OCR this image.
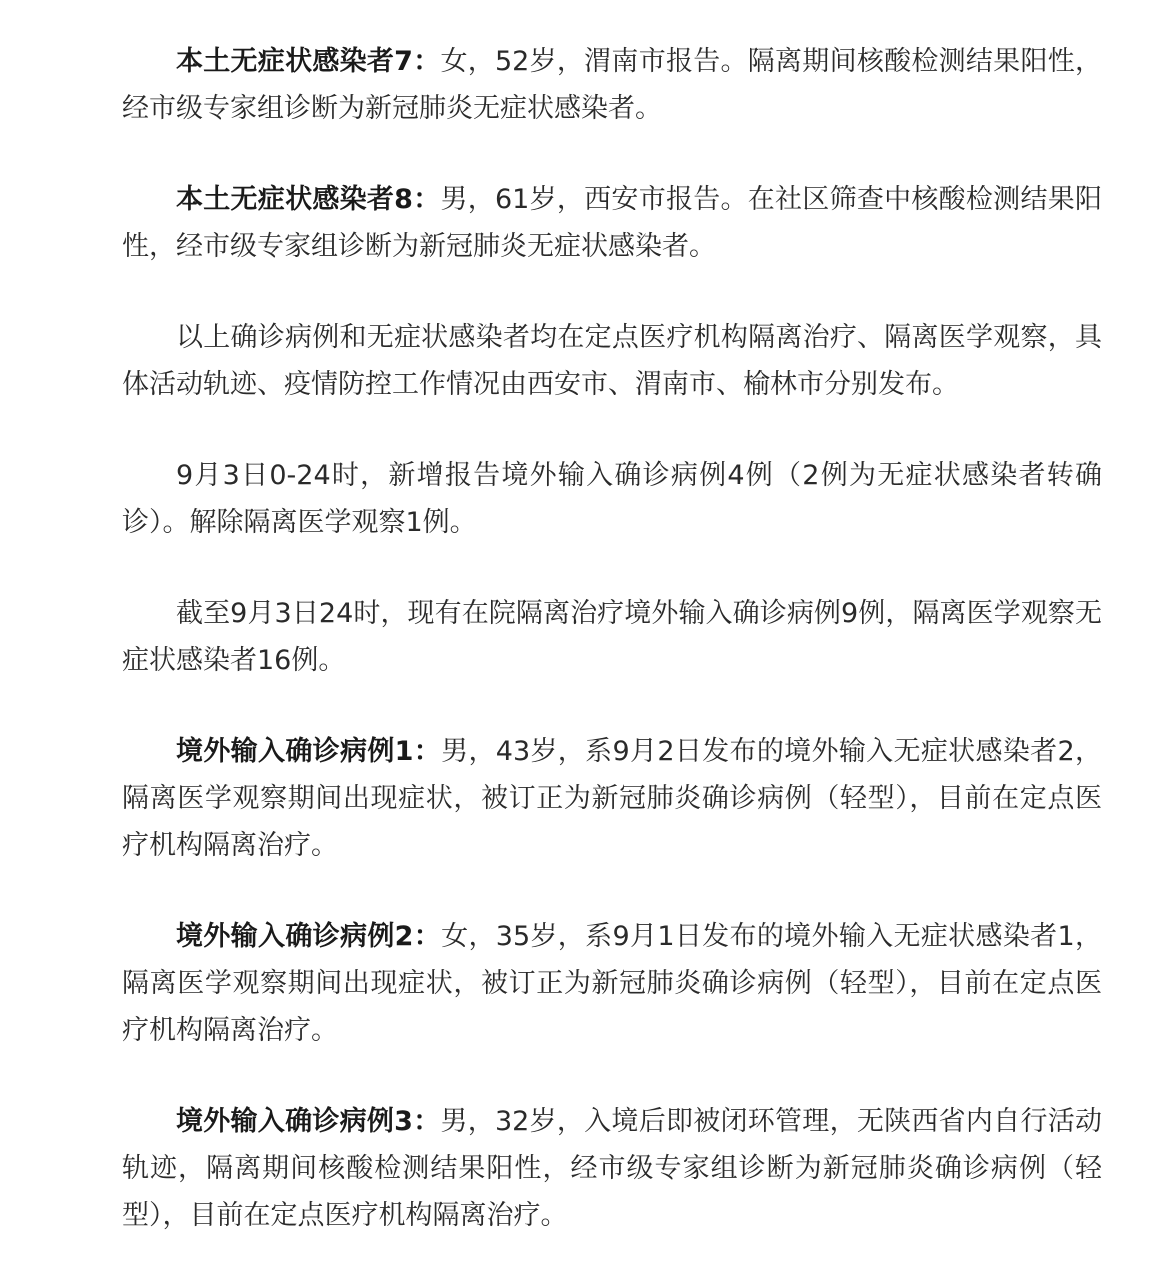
本土无症状感染者7：女，52岁，渭南市报告。隔离期间核酸检测结果阳性，经市级专家组诊断为新冠肺炎无症状感染者。

本土无症状感染者8：男，61岁，西安市报告。在社区筛查中核酸检测结果阳性，经市级专家组诊断为新冠肺炎无症状感染者。

以上确诊病例和无症状感染者均在定点医疗机构隔离治疗、隔离医学观察，具体活动轨迹、疫情防控工作情况由西安市、渭南市、榆林市分别发布。

9月3日0-24时，新增报告境外输入确诊病例4例（2例为无症状感染者转确诊）。解除隔离医学观察1例。

截至9月3日24时，现有在院隔离治疗境外输入确诊病例9例，隔离医学观察无症状感染者16例。

境外输入确诊病例1：男，43岁，系9月2日发布的境外输入无症状感染者2，隔离医学观察期间出现症状，被订正为新冠肺炎确诊病例（轻型），目前在定点医疗机构隔离治疗。

境外输入确诊病例2：女，35岁，系9月1日发布的境外输入无症状感染者1，隔离医学观察期间出现症状，被订正为新冠肺炎确诊病例（轻型），目前在定点医疗机构隔离治疗。

境外输入确诊病例3：男，32岁，入境后即被闭环管理，无陕西省内自行活动轨迹，隔离期间核酸检测结果阳性，经市级专家组诊断为新冠肺炎确诊病例（轻型），目前在定点医疗机构隔离治疗。
